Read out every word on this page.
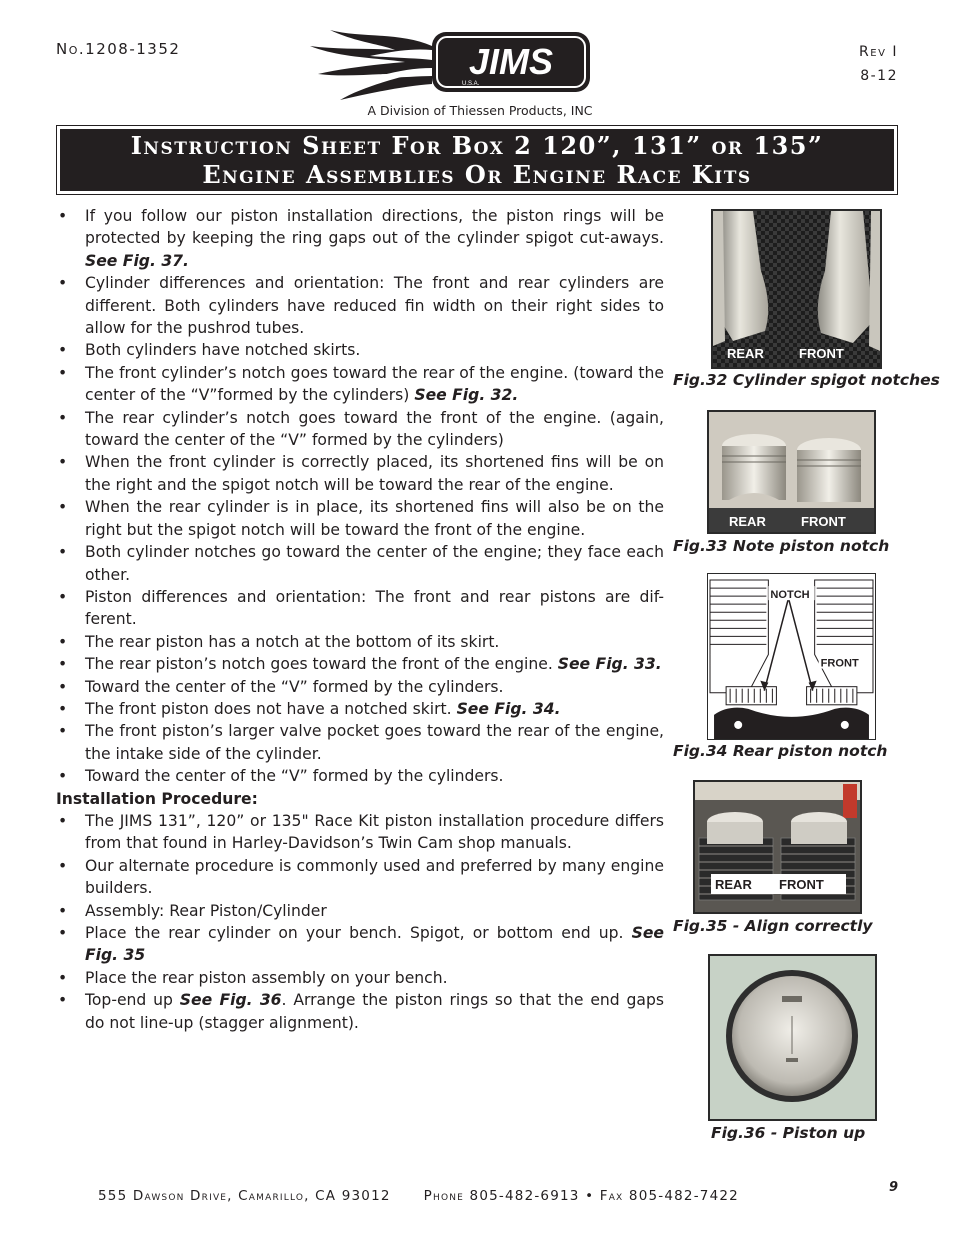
No.1208-1352	Rev I
8-12
JIMS
U.S.A.
A Division of Thiessen Products, INC
Instruction Sheet For Box 2 120”, 131” or 135”
Engine Assemblies Or Engine Race Kits
• If you follow our piston installation directions, the piston rings will be protected by keeping the ring gaps out of the cylinder spigot cut-aways. See Fig. 37.
• Cylinder differences and orientation: The front and rear cylinders are different. Both cylinders have reduced fin width on their right sides to allow for the pushrod tubes.
• Both cylinders have notched skirts.
• The front cylinder’s notch goes toward the rear of the engine. (toward the center of the “V”formed by the cylinders) See Fig. 32.
• The rear cylinder’s notch goes toward the front of the engine. (again, toward the center of the “V” formed by the cylinders)
• When the front cylinder is correctly placed, its shortened fins will be on the right and the spigot notch will be toward the rear of the engine.
• When the rear cylinder is in place, its shortened fins will also be on the right but the spigot notch will be toward the front of the engine.
• Both cylinder notches go toward the center of the engine; they face each other.
• Piston differences and orientation: The front and rear pistons are dif-ferent.
• The rear piston has a notch at the bottom of its skirt.
• The rear piston’s notch goes toward the front of the engine. See Fig. 33.
• Toward the center of the “V” formed by the cylinders.
• The front piston does not have a notched skirt. See Fig. 34.
• The front piston’s larger valve pocket goes toward the rear of the engine, the intake side of the cylinder.
• Toward the center of the “V” formed by the cylinders.

Installation Procedure:

• The JIMS 131”, 120” or 135" Race Kit piston installation procedure differs from that found in Harley-Davidson’s Twin Cam shop manuals.
• Our alternate procedure is commonly used and preferred by many engine builders.
• Assembly: Rear Piston/Cylinder
• Place the rear cylinder on your bench. Spigot, or bottom end up. See Fig. 35
• Place the rear piston assembly on your bench.
• Top-end up See Fig. 36. Arrange the piston rings so that the end gaps do not line-up (stagger alignment).
REAR	FRONT
Fig.32 Cylinder spigot notches
REAR	FRONT
Fig.33 Note piston notch
NOTCH
FRONT
Fig.34 Rear piston notch
REAR FRONT
Fig.35 - Align correctly
Fig.36 - Piston up
555 Dawson Drive, Camarillo, CA 93012 Phone 805-482-6913 • Fax 805-482-7422
9
